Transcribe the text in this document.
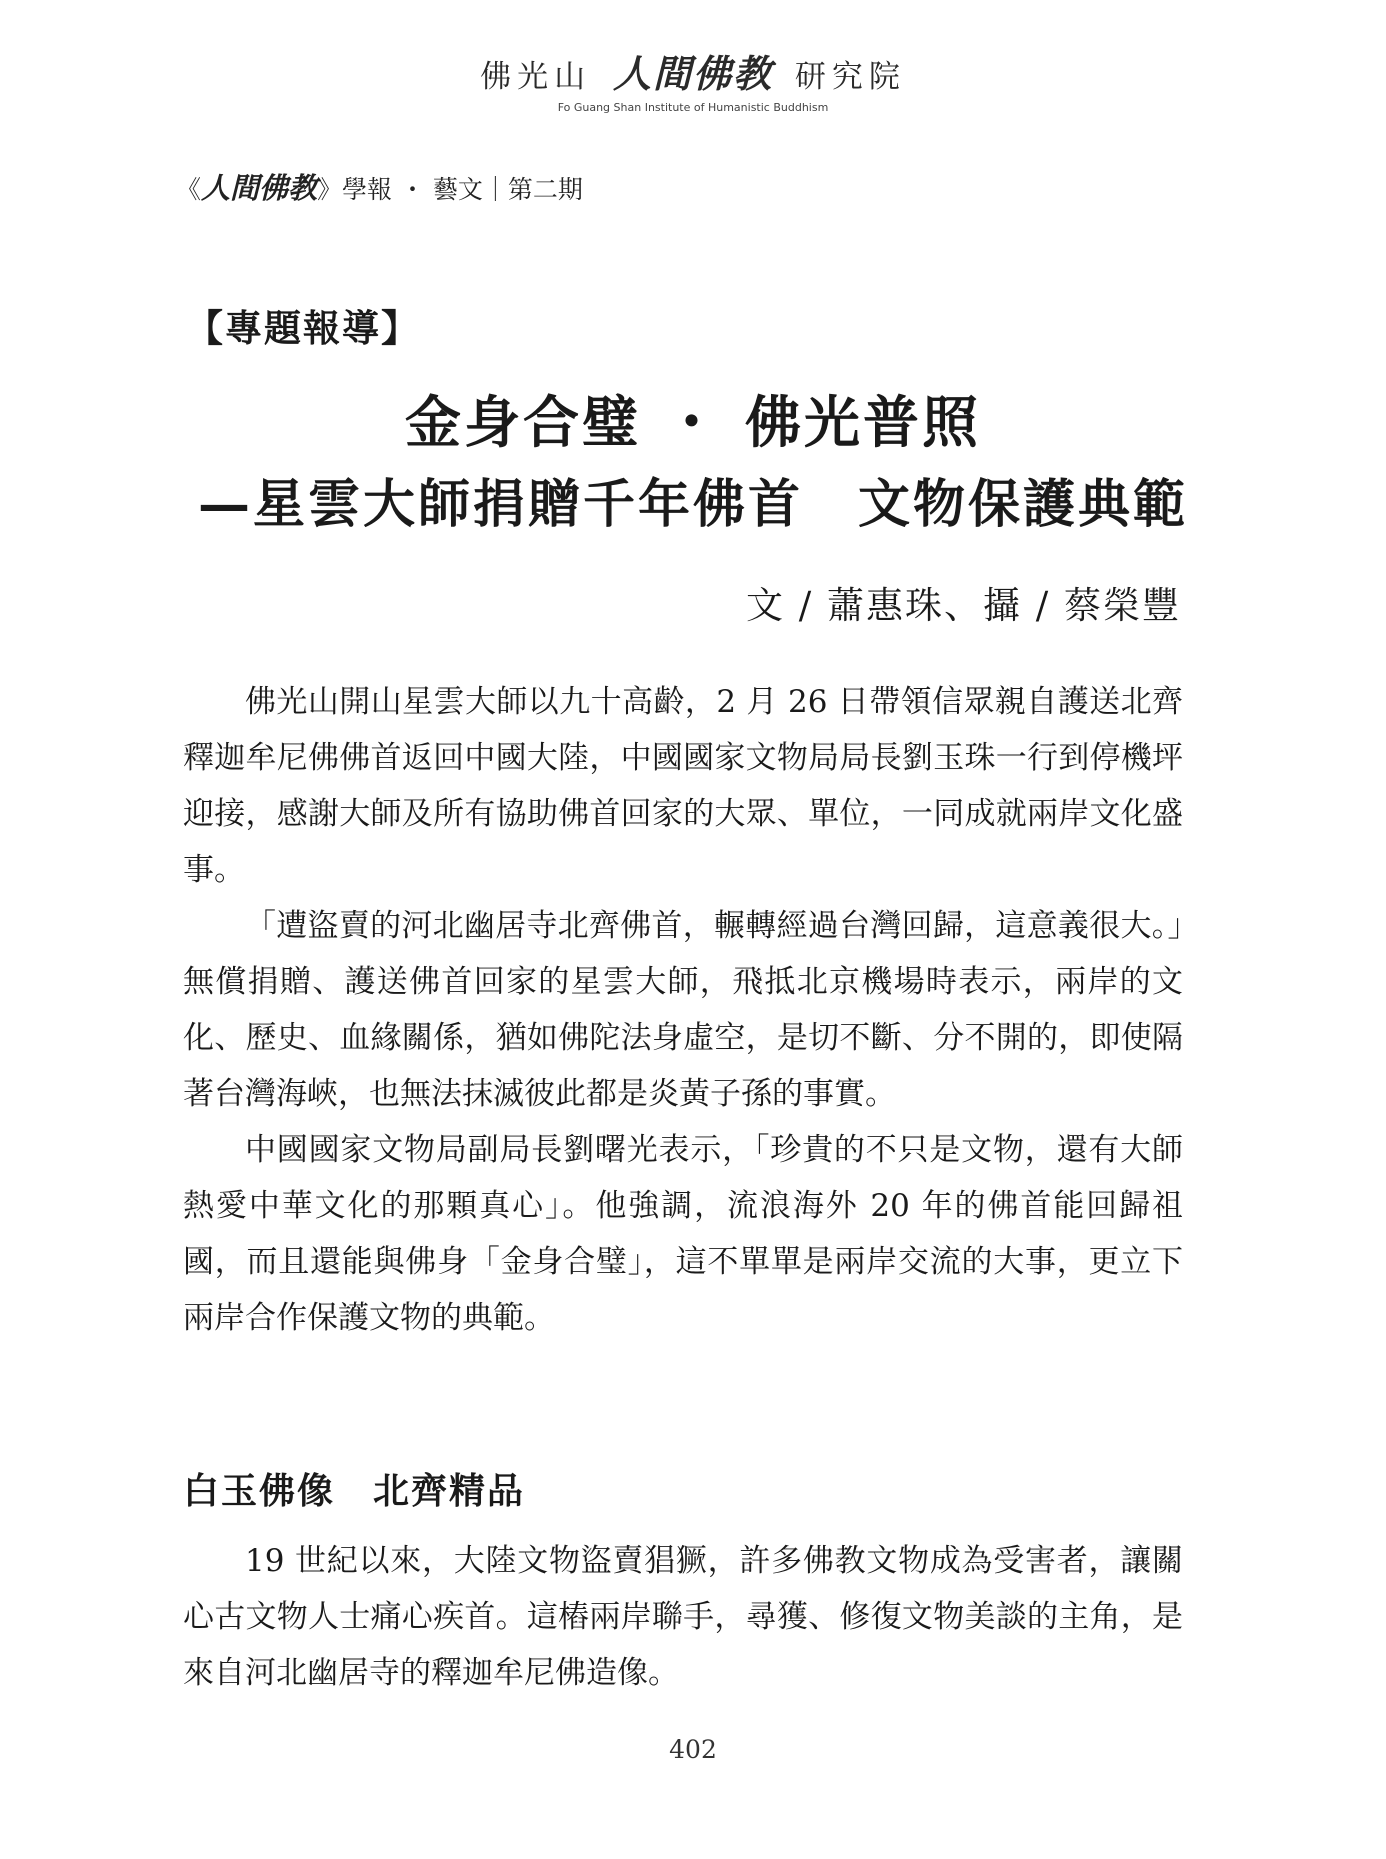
佛光山 人間佛教 研究院
Fo Guang Shan Institute of Humanistic Buddhism
《人間佛教》學報 ・ 藝文｜第二期
【專題報導】
金身合璧 ・ 佛光普照
—星雲大師捐贈千年佛首　文物保護典範
文 / 蕭惠珠、攝 / 蔡榮豐

佛光山開山星雲大師以九十高齡，2 月 26 日帶領信眾親自護送北齊釋迦牟尼佛佛首返回中國大陸，中國國家文物局局長劉玉珠一行到停機坪迎接，感謝大師及所有協助佛首回家的大眾、單位，一同成就兩岸文化盛事。

「遭盜賣的河北幽居寺北齊佛首，輾轉經過台灣回歸，這意義很大。」無償捐贈、護送佛首回家的星雲大師，飛抵北京機場時表示，兩岸的文化、歷史、血緣關係，猶如佛陀法身虛空，是切不斷、分不開的，即使隔著台灣海峽，也無法抹滅彼此都是炎黃子孫的事實。

中國國家文物局副局長劉曙光表示，「珍貴的不只是文物，還有大師熱愛中華文化的那顆真心」。他強調，流浪海外 20 年的佛首能回歸祖國，而且還能與佛身「金身合璧」，這不單單是兩岸交流的大事，更立下兩岸合作保護文物的典範。

白玉佛像　北齊精品

19 世紀以來，大陸文物盜賣猖獗，許多佛教文物成為受害者，讓關心古文物人士痛心疾首。這樁兩岸聯手，尋獲、修復文物美談的主角，是來自河北幽居寺的釋迦牟尼佛造像。

402
